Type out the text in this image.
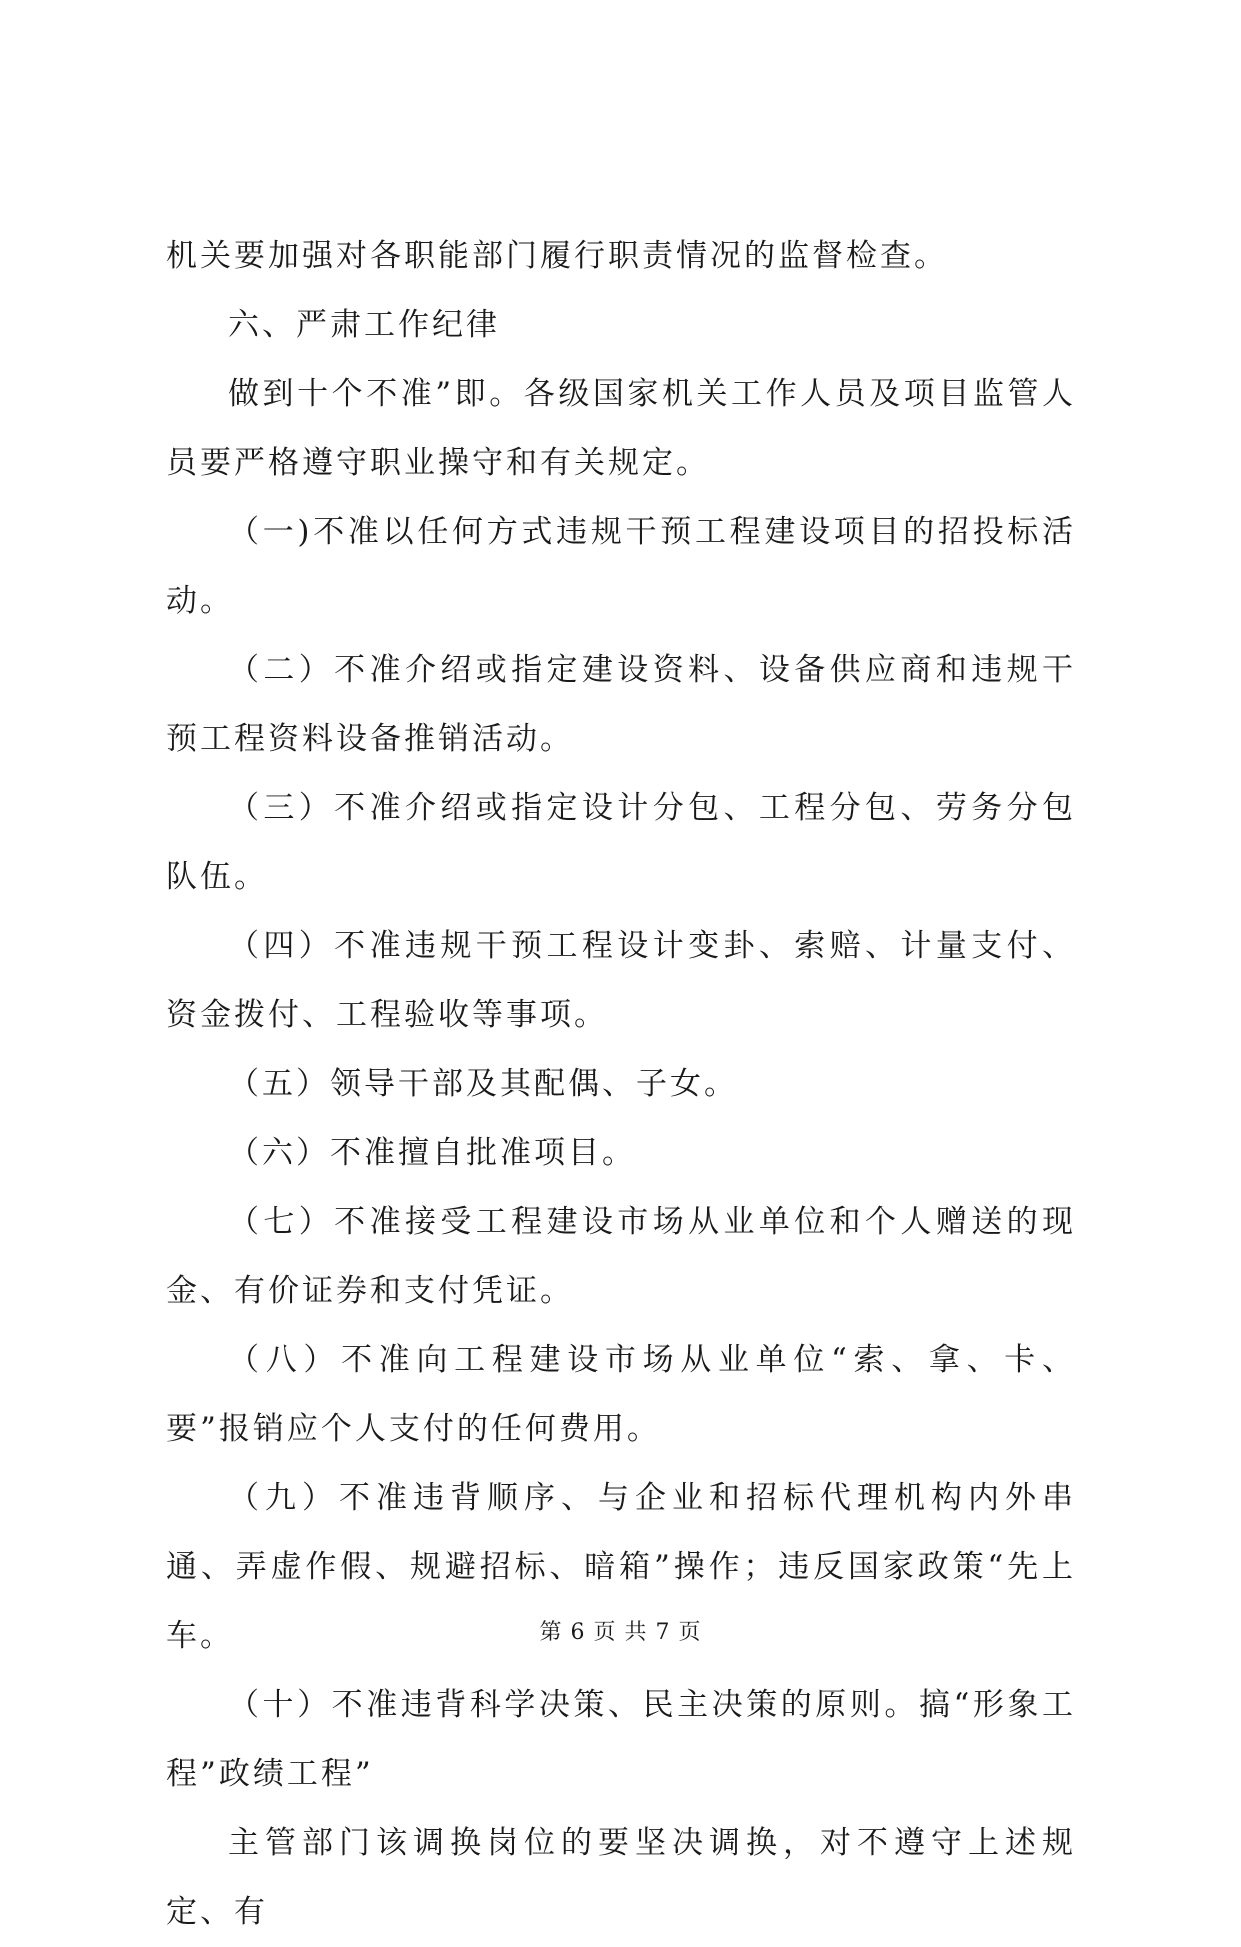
机关要加强对各职能部门履行职责情况的监督检查。

六、严肃工作纪律

做到十个不准”即。各级国家机关工作人员及项目监管人员要严格遵守职业操守和有关规定。

（一)不准以任何方式违规干预工程建设项目的招投标活动。

（二）不准介绍或指定建设资料、设备供应商和违规干预工程资料设备推销活动。

（三）不准介绍或指定设计分包、工程分包、劳务分包队伍。

（四）不准违规干预工程设计变卦、索赔、计量支付、资金拨付、工程验收等事项。

（五）领导干部及其配偶、子女。

（六）不准擅自批准项目。

（七）不准接受工程建设市场从业单位和个人赠送的现金、有价证券和支付凭证。

（八）不准向工程建设市场从业单位“索、拿、卡、要”报销应个人支付的任何费用。

（九）不准违背顺序、与企业和招标代理机构内外串通、弄虚作假、规避招标、暗箱”操作；违反国家政策“先上车。

（十）不准违背科学决策、民主决策的原则。搞“形象工程”政绩工程”

主管部门该调换岗位的要坚决调换，对不遵守上述规定、有

第 6 页 共 7 页
